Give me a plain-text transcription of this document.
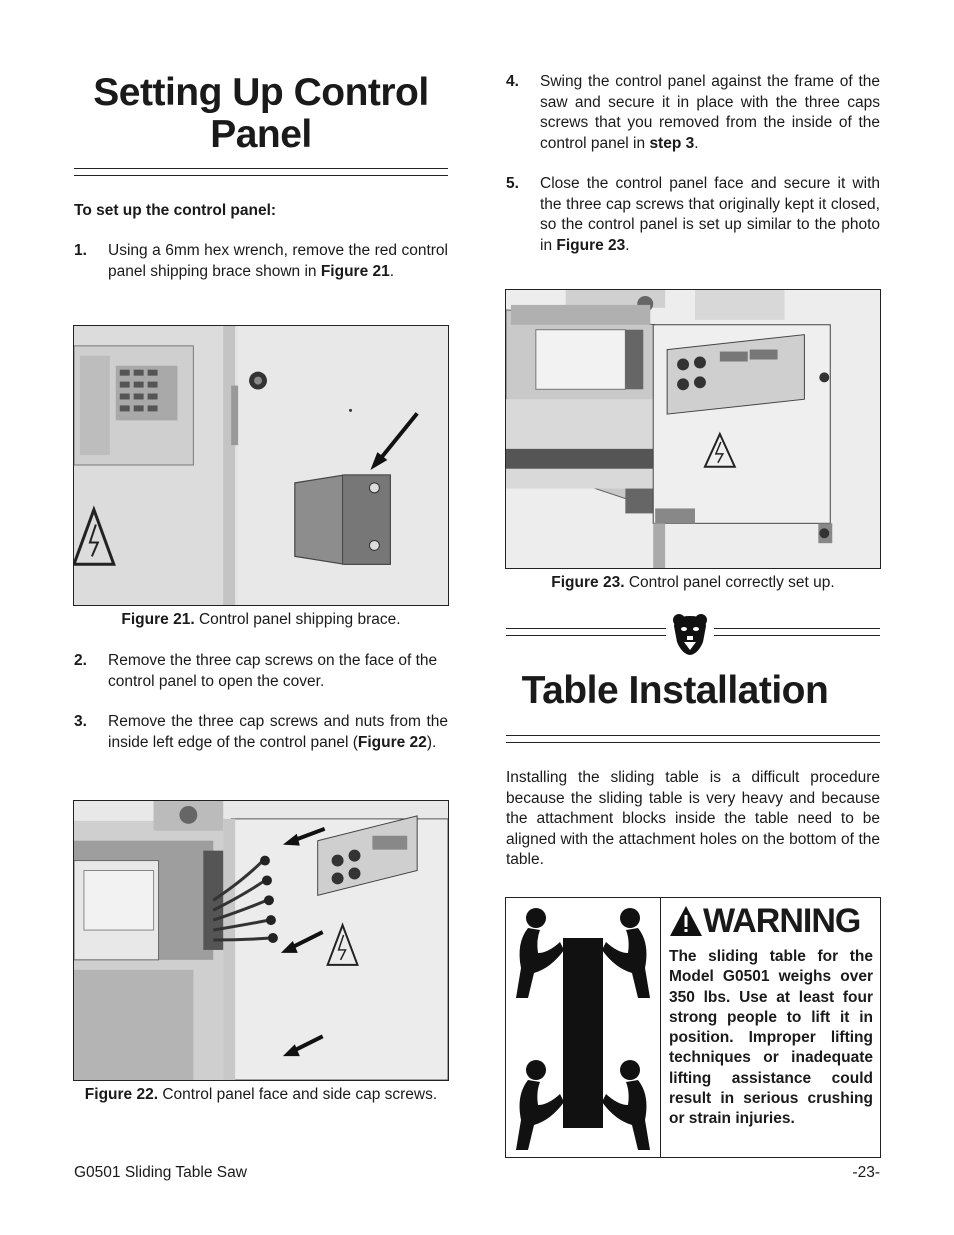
Setting Up Control
Panel
To set up the control panel:
1. Using a 6mm hex wrench, remove the red control panel shipping brace shown in Figure 21.
Figure 21. Control panel shipping brace.
2. Remove the three cap screws on the face of the control panel to open the cover.
3. Remove the three cap screws and nuts from the inside left edge of the control panel (Figure 22).
Figure 22. Control panel face and side cap screws.
4. Swing the control panel against the frame of the saw and secure it in place with the three caps screws that you removed from the inside of the control panel in step 3.
5. Close the control panel face and secure it with the three cap screws that originally kept it closed, so the control panel is set up similar to the photo in Figure 23.
Figure 23. Control panel correctly set up.
Table Installation
Installing the sliding table is a difficult procedure because the sliding table is very heavy and because the attachment blocks inside the table need to be aligned with the attachment holes on the bottom of the table.
WARNING
The sliding table for the Model G0501 weighs over 350 lbs. Use at least four strong people to lift it in position. Improper lifting techniques or inadequate lifting assistance could result in serious crushing or strain injuries.
G0501 Sliding Table Saw	-23-
